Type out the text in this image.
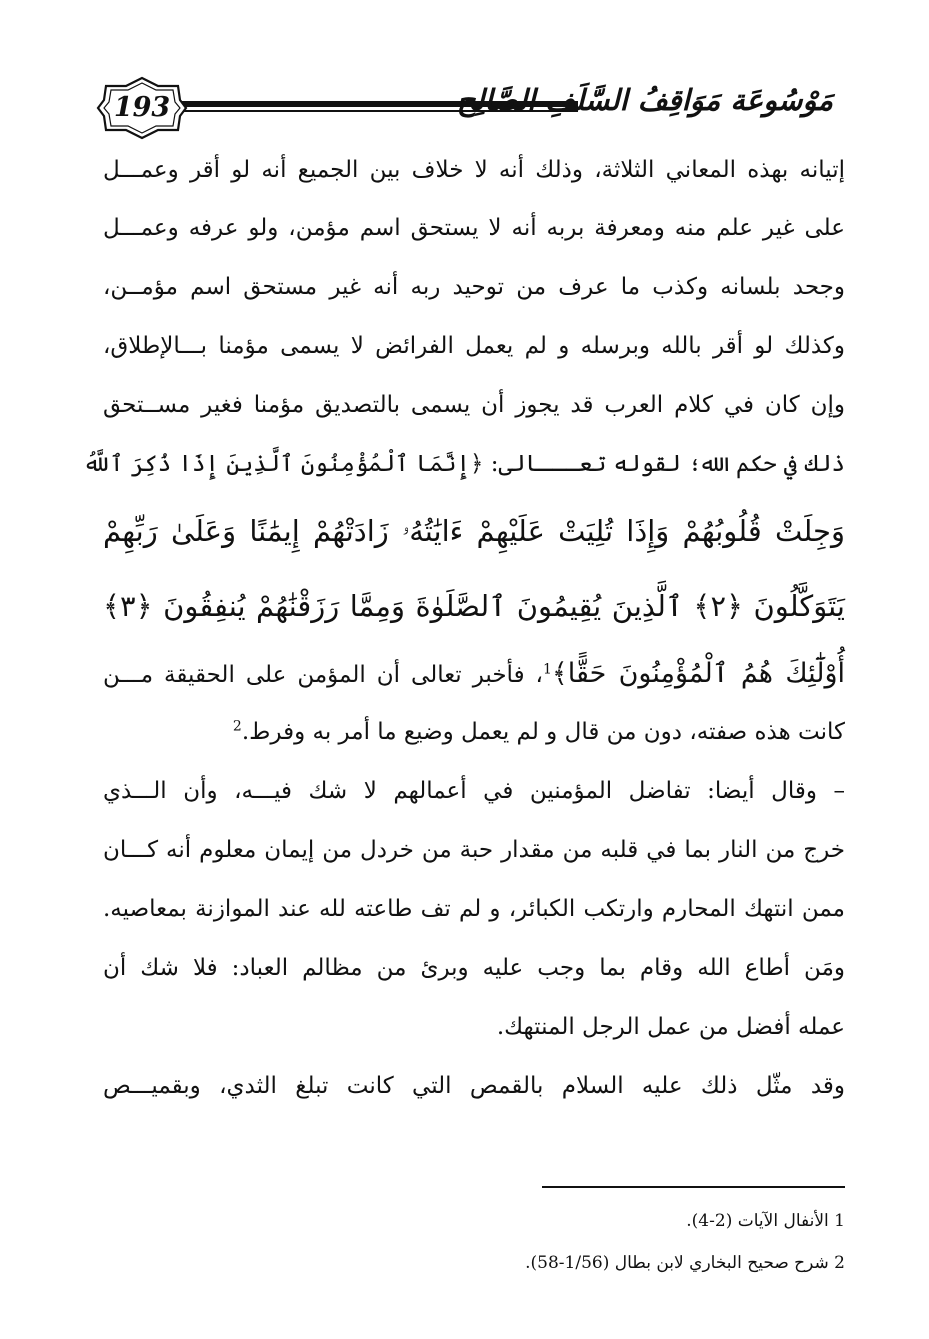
193	مَوْسُوعَة مَوَاقِفُ السَّلَفِ الصَّالِح
إتيانه بهذه المعاني الثلاثة، وذلك أنه لا خلاف بين الجميع أنه لو أقر وعمـــل
على غير علم منه ومعرفة بربه أنه لا يستحق اسم مؤمن، ولو عرفه وعمـــل
وجحد بلسانه وكذب ما عرف من توحيد ربه أنه غير مستحق اسم مؤمــن،
وكذلك لو أقر بالله وبرسله و لم يعمل الفرائض لا يسمى مؤمنا بـــالإطلاق،
وإن كان في كلام العرب قد يجوز أن يسمى بالتصديق مؤمنا فغير مســتحق
ذلك في حكم الله؛ لقوله تعـــالى: ﴿إِنَّمَا ٱلْمُؤْمِنُونَ ٱلَّذِينَ إِذَا ذُكِرَ ٱللَّهُ
وَجِلَتْ قُلُوبُهُمْ وَإِذَا تُلِيَتْ عَلَيْهِمْ ءَايَٰتُهُۥ زَادَتْهُمْ إِيمَٰنًا وَعَلَىٰ رَبِّهِمْ
يَتَوَكَّلُونَ ﴿٢﴾ ٱلَّذِينَ يُقِيمُونَ ٱلصَّلَوٰةَ وَمِمَّا رَزَقْنَٰهُمْ يُنفِقُونَ ﴿٣﴾
أُوْلَٰٓئِكَ هُمُ ٱلْمُؤْمِنُونَ حَقًّا﴾$^1$، فأخبر تعالى أن المؤمن على الحقيقة مـــن
كانت هذه صفته، دون من قال و لم يعمل وضيع ما أمر به وفرط.$^2$
– وقال أيضا: تفاضل المؤمنين في أعمالهم لا شك فيـــه، وأن الـــذي
خرج من النار بما في قلبه من مقدار حبة من خردل من إيمان معلوم أنه كـــان
ممن انتهك المحارم وارتكب الكبائر، و لم تف طاعته لله عند الموازنة بمعاصيه.
ومَن أطاع الله وقام بما وجب عليه وبرئ من مظالم العباد: فلا شك أن
عمله أفضل من عمل الرجل المنتهك.
وقد مثّل ذلك عليه السلام بالقمص التي كانت تبلغ الثدي، وبقميـــص
1 الأنفال الآيات (2-4).
2 شرح صحيح البخاري لابن بطال (1/56-58).
